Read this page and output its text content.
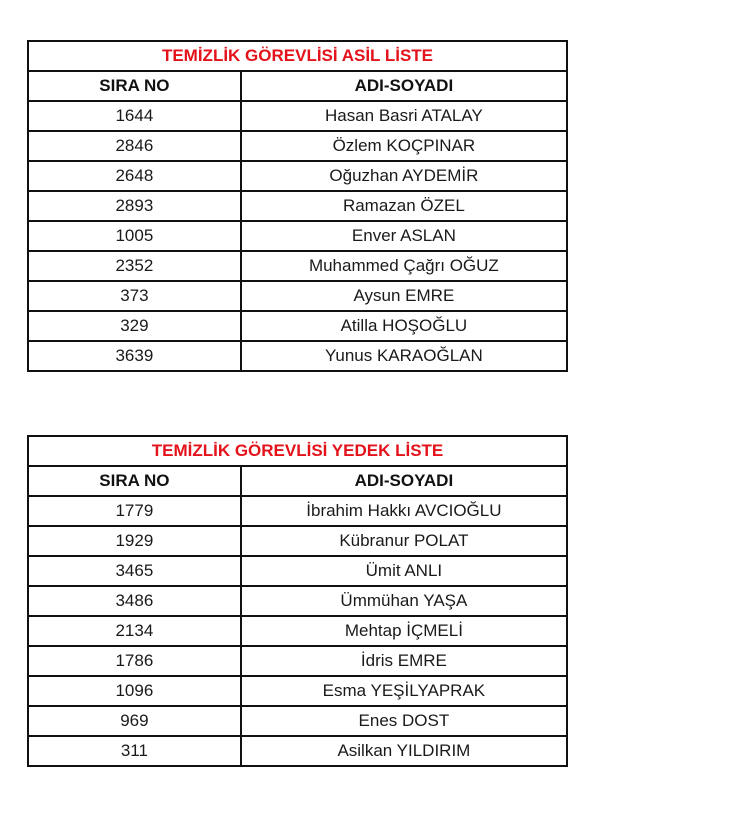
TEMİZLİK GÖREVLİSİ ASİL LİSTE	
SIRA NO	ADI-SOYADI
1644	Hasan Basri ATALAY
2846	Özlem KOÇPINAR
2648	Oğuzhan AYDEMİR
2893	Ramazan ÖZEL
1005	Enver ASLAN
2352	Muhammed Çağrı OĞUZ
373	Aysun EMRE
329	Atilla HOŞOĞLU
3639	Yunus KARAOĞLAN
TEMİZLİK GÖREVLİSİ YEDEK LİSTE	
SIRA NO	ADI-SOYADI
1779	İbrahim Hakkı AVCIOĞLU
1929	Kübranur POLAT
3465	Ümit ANLI
3486	Ümmühan YAŞA
2134	Mehtap İÇMELİ
1786	İdris EMRE
1096	Esma YEŞİLYAPRAK
969	Enes DOST
311	Asilkan YILDIRIM
